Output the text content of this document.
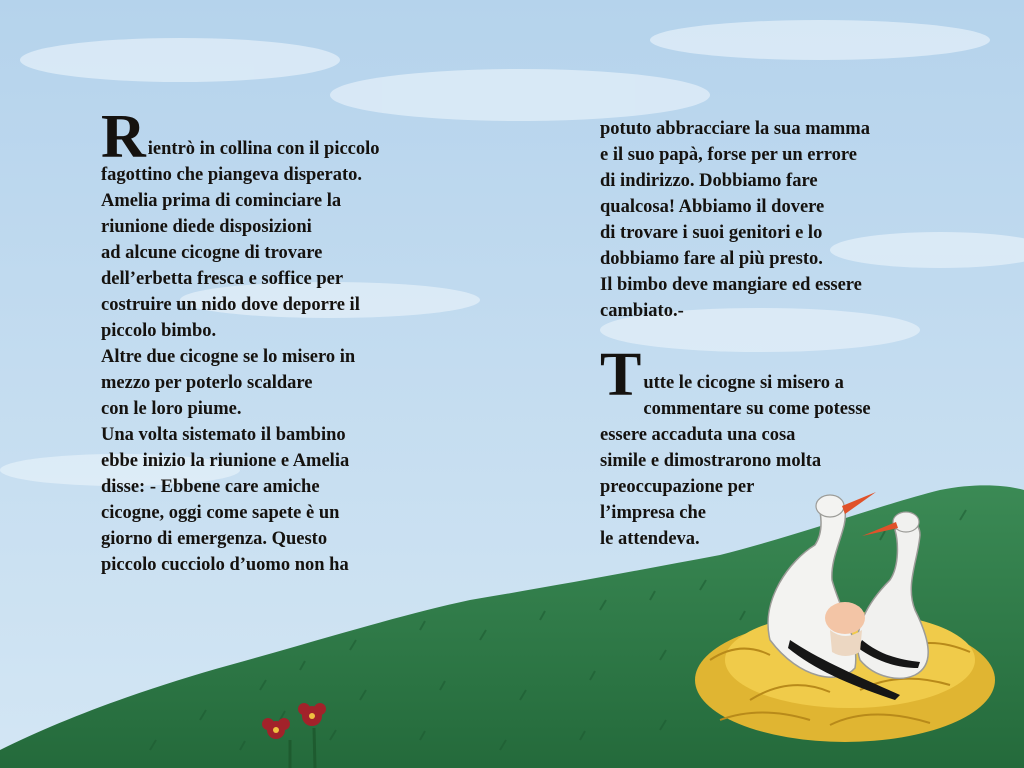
R ientrò in collina con il piccolo
fagottino che piangeva disperato.
Amelia prima di cominciare la
riunione diede disposizioni
ad alcune cicogne di trovare
dell’erbetta fresca e soffice per
costruire un nido dove deporre il
piccolo bimbo.
Altre due cicogne se lo misero in
mezzo per poterlo scaldare
con le loro piume.
Una volta sistemato il bambino
ebbe inizio la riunione e Amelia
disse: - Ebbene care amiche
cicogne, oggi come sapete è un
giorno di emergenza. Questo
piccolo cucciolo d’uomo non ha
potuto abbracciare la sua mamma
e il suo papà, forse per un errore
di indirizzo. Dobbiamo fare
qualcosa! Abbiamo il dovere
di trovare i suoi genitori e lo
dobbiamo fare al più presto.
Il bimbo deve mangiare ed essere
cambiato.-
T utte le cicogne si misero a
commentare su come potesse
essere accaduta una cosa
simile e dimostrarono molta
preoccupazione per
l’impresa che
le attendeva.
